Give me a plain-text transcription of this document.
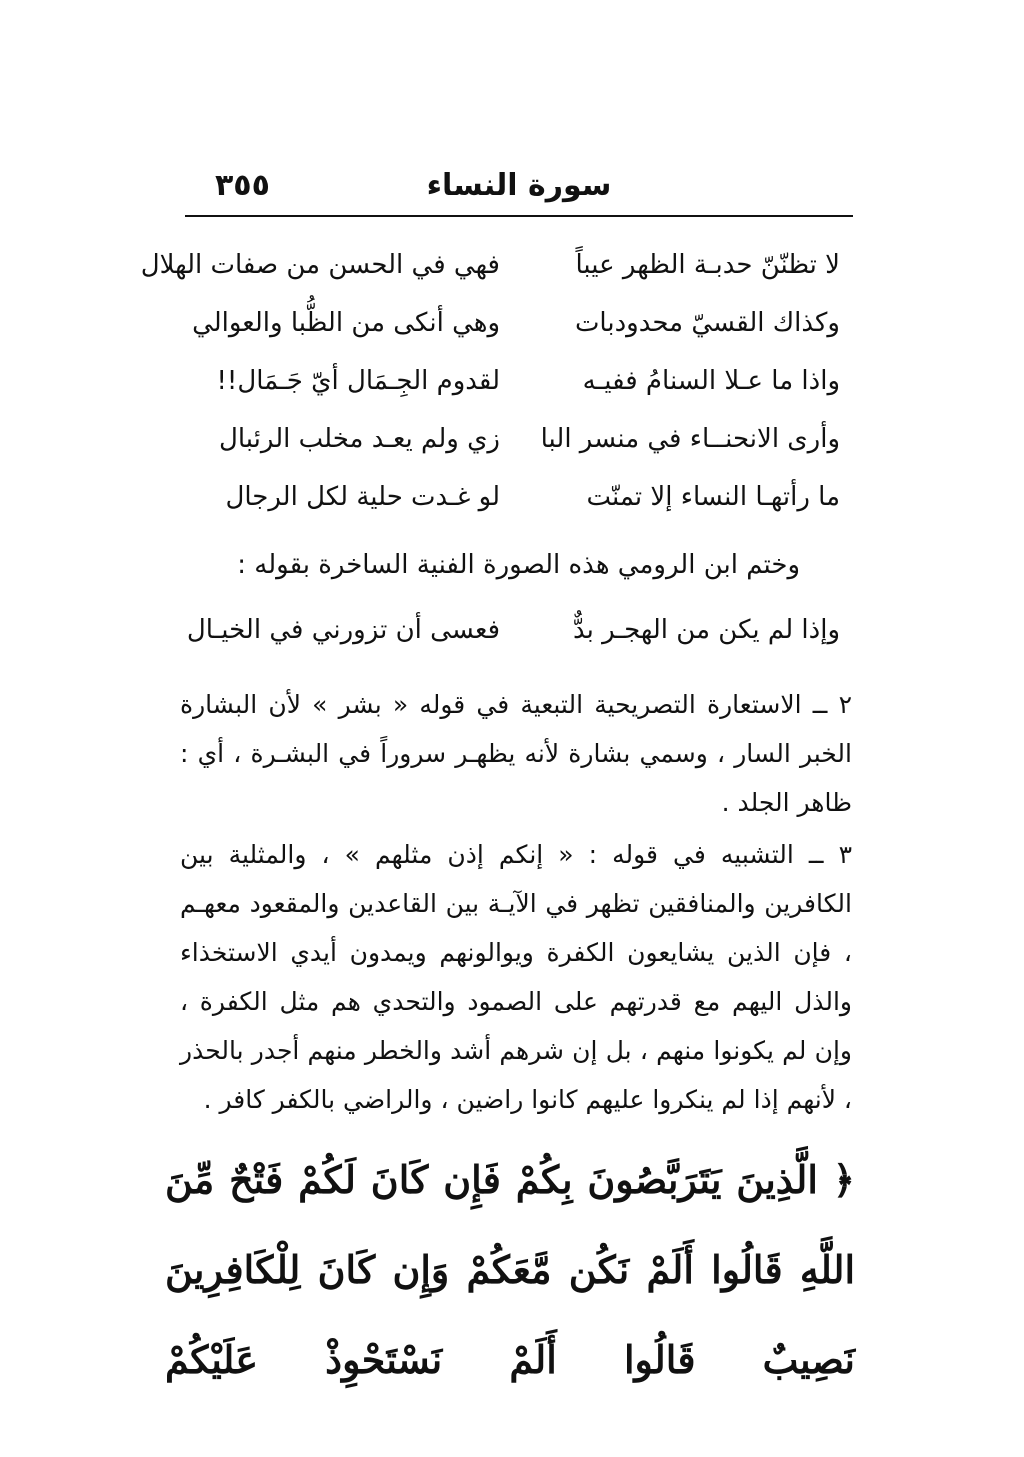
٣٥٥	سورة النساء
لا تظنّنّ حدبـة الظهر عيباً
فهي في الحسن من صفات الهلال
وكذاك القسيّ محدودبات
وهي أنكى من الظُّبا والعوالي
واذا ما عـلا السنامُ ففيـه
لقدوم الجِـمَال أيّ جَـمَال!!
وأرى الانحنــاء في منسر البا
زي ولم يعـد مخلب الرئبال
ما رأتهـا النساء إلا تمنّت
لو غـدت حلية لكل الرجال
وختم ابن الرومي هذه الصورة الفنية الساخرة بقوله :
وإذا لم يكن من الهجـر بدٌّ
فعسى أن تزورني في الخيـال
٢ ــ الاستعارة التصريحية التبعية في قوله « بشر » لأن البشارة الخبر السار ، وسمي بشارة لأنه يظهـر سروراً في البشـرة ، أي : ظاهر الجلد .
٣ ــ التشبيه في قوله : « إنكم إذن مثلهم » ، والمثلية بين الكافرين والمنافقين تظهر في الآيـة بين القاعدين والمقعود معهـم ، فإن الذين يشايعون الكفرة ويوالونهم ويمدون أيدي الاستخذاء والذل اليهم مع قدرتهم على الصمود والتحدي هم مثل الكفرة ، وإن لم يكونوا منهم ، بل إن شرهم أشد والخطر منهم أجدر بالحذر ، لأنهم إذا لم ينكروا عليهم كانوا راضين ، والراضي بالكفر كافر .
﴿ الَّذِينَ يَتَرَبَّصُونَ بِكُمْ فَإِن كَانَ لَكُمْ فَتْحٌ مِّنَ اللَّهِ قَالُوا أَلَمْ نَكُن مَّعَكُمْ وَإِن كَانَ لِلْكَافِرِينَ نَصِيبٌ قَالُوا أَلَمْ نَسْتَحْوِذْ عَلَيْكُمْ
